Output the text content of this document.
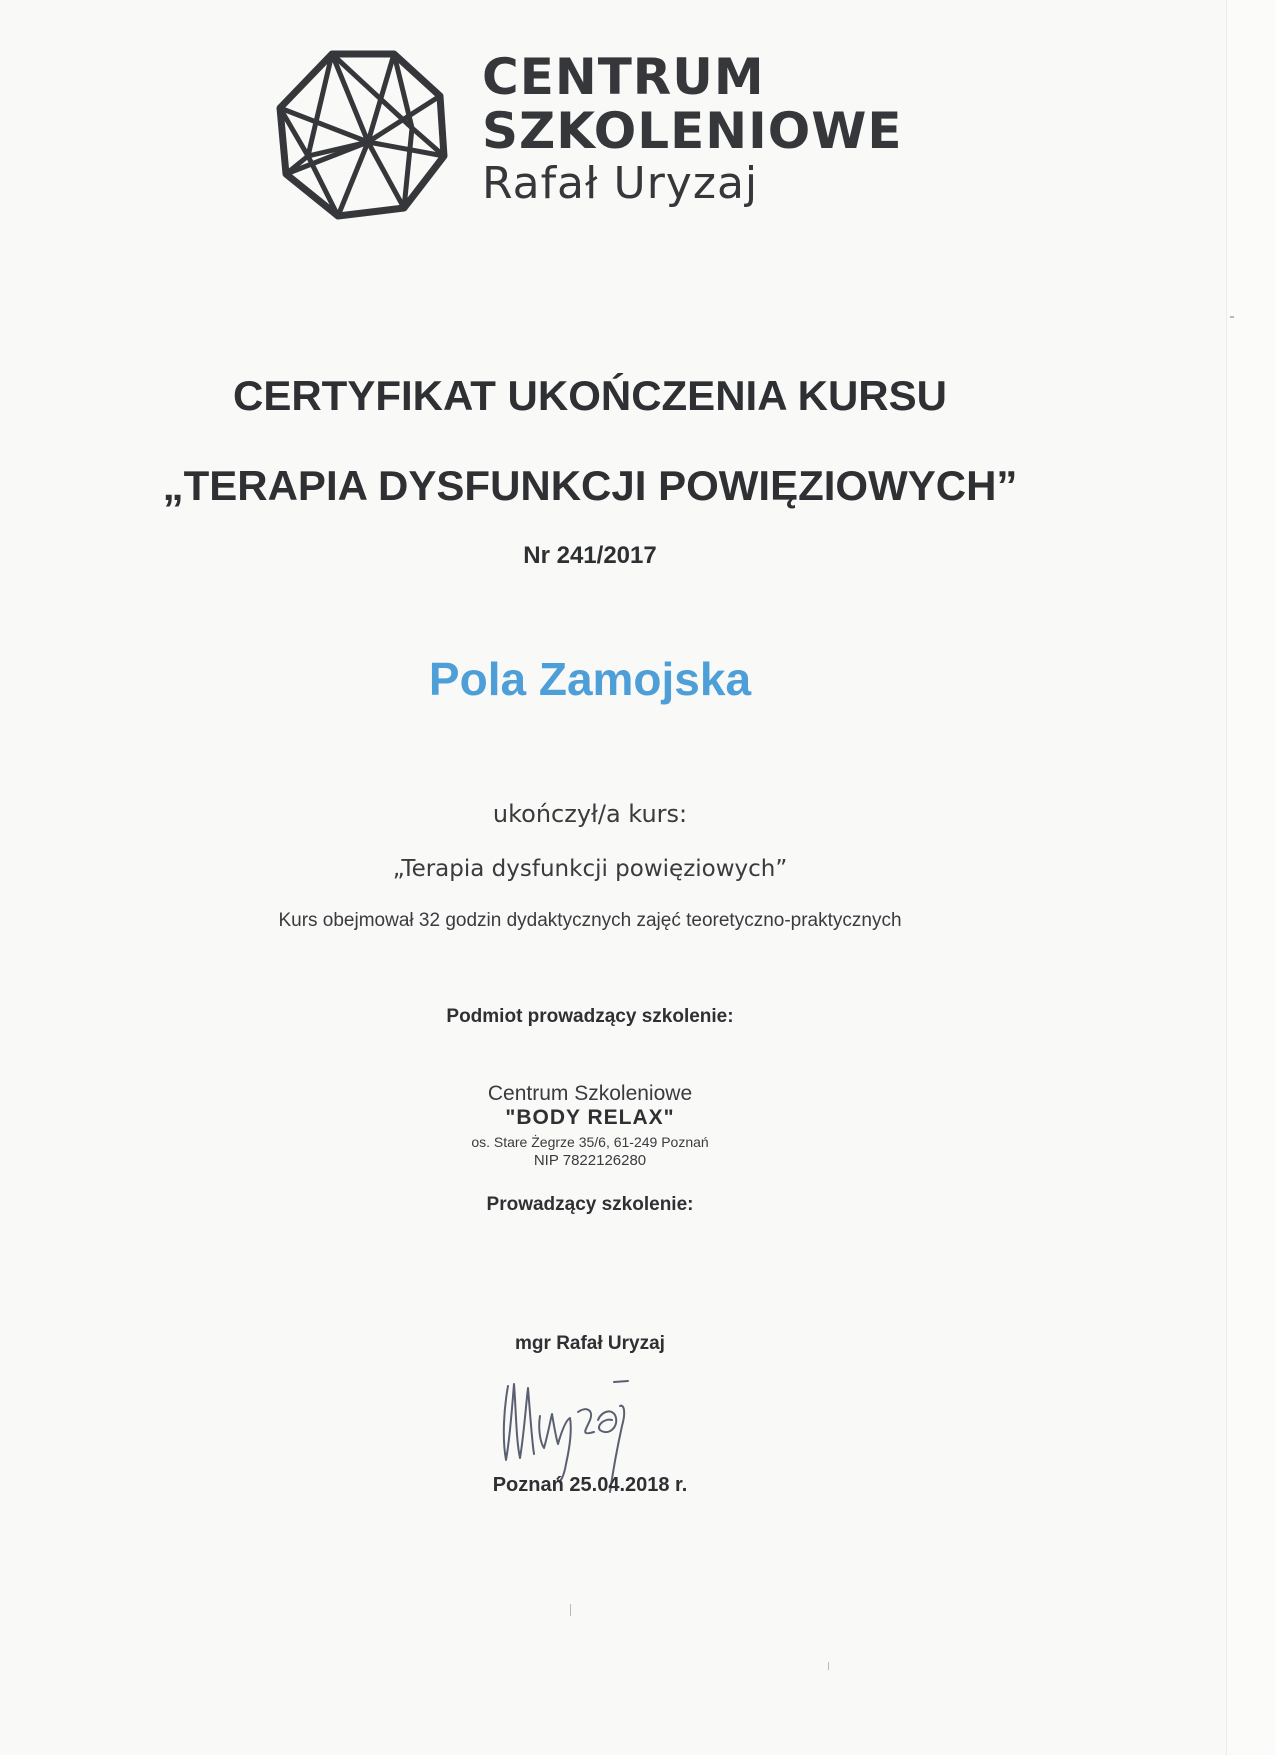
CENTRUM
SZKOLENIOWE
Rafał Uryzaj
CERTYFIKAT UKOŃCZENIA KURSU
„TERAPIA DYSFUNKCJI POWIĘZIOWYCH”
Nr 241/2017
Pola Zamojska
ukończył/a kurs:
„Terapia dysfunkcji powięziowych”
Kurs obejmował 32 godzin dydaktycznych zajęć teoretyczno-praktycznych
Podmiot prowadzący szkolenie:
Centrum Szkoleniowe
"BODY RELAX"
os. Stare Żegrze 35/6, 61-249 Poznań
NIP 7822126280
Prowadzący szkolenie:
mgr Rafał Uryzaj
Poznań 25.04.2018 r.
